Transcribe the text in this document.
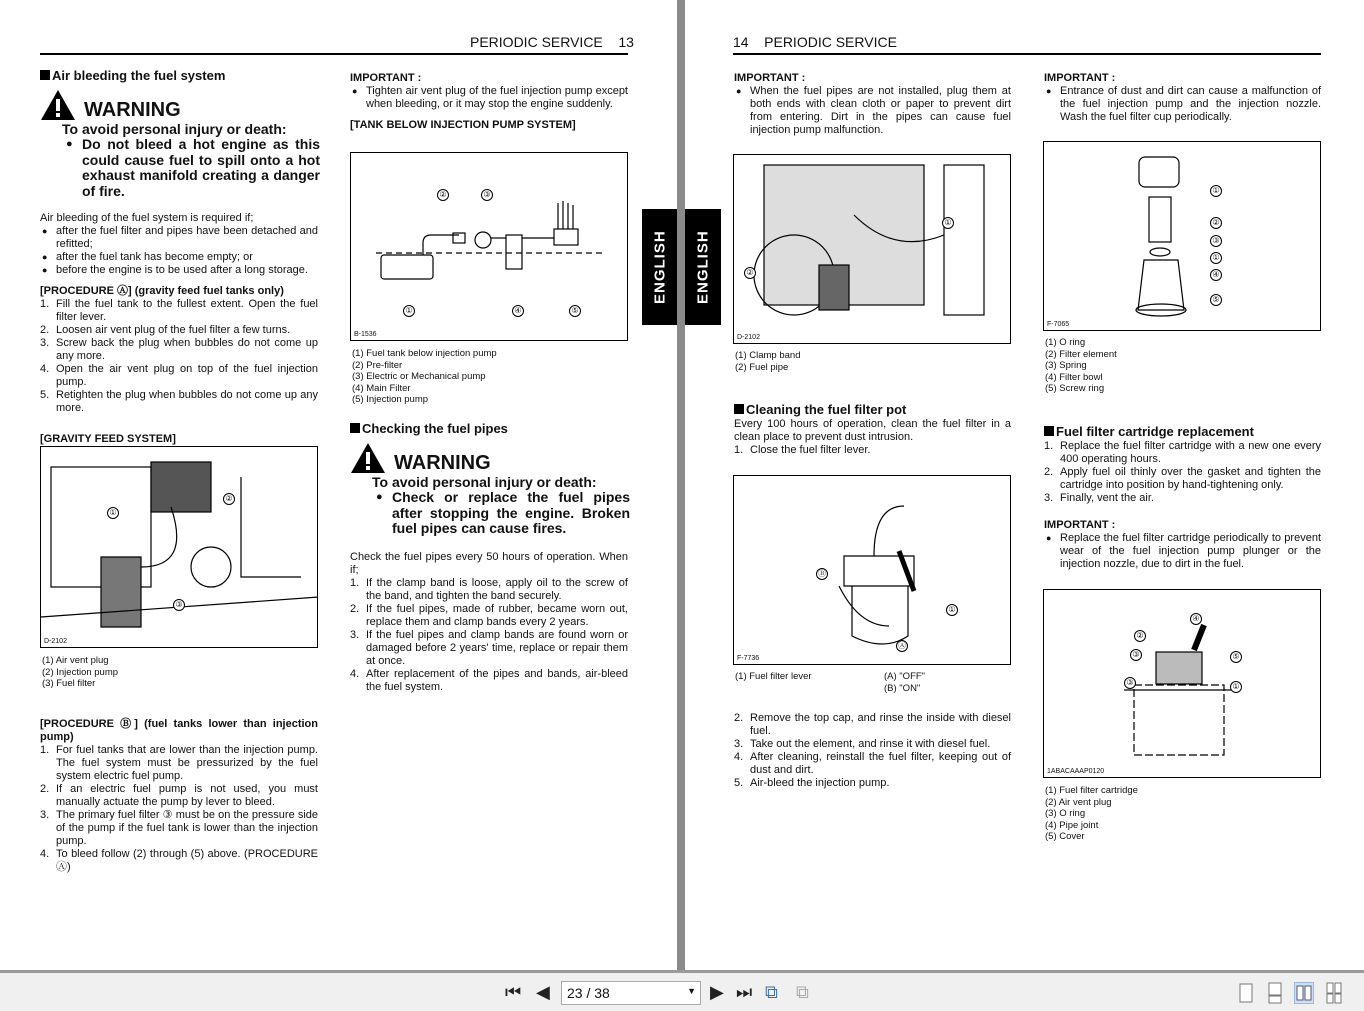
PERIODIC SERVICE 13
Air bleeding the fuel system
WARNING
To avoid personal injury or death:
● Do not bleed a hot engine as this could cause fuel to spill onto a hot exhaust manifold creating a danger of fire.
Air bleeding of the fuel system is required if;
● after the fuel filter and pipes have been detached and refitted;
● after the fuel tank has become empty; or
● before the engine is to be used after a long storage.
[PROCEDURE Ⓐ] (gravity feed fuel tanks only)
1. Fill the fuel tank to the fullest extent. Open the fuel filter lever.
2. Loosen air vent plug of the fuel filter a few turns.
3. Screw back the plug when bubbles do not come up any more.
4. Open the air vent plug on top of the fuel injection pump.
5. Retighten the plug when bubbles do not come up any more.
[GRAVITY FEED SYSTEM]
①
②
③
D-2102
(1) Air vent plug
(2) Injection pump
(3) Fuel filter
[PROCEDURE Ⓑ] (fuel tanks lower than injection pump)
1. For fuel tanks that are lower than the injection pump. The fuel system must be pressurized by the fuel system electric fuel pump.
2. If an electric fuel pump is not used, you must manually actuate the pump by lever to bleed.
3. The primary fuel filter ③ must be on the pressure side of the pump if the fuel tank is lower than the injection pump.
4. To bleed follow (2) through (5) above. (PROCEDURE Ⓐ)
IMPORTANT :
● Tighten air vent plug of the fuel injection pump except when bleeding, or it may stop the engine suddenly.
[TANK BELOW INJECTION PUMP SYSTEM]
②	③
①	④	⑤
B-1536
(1) Fuel tank below injection pump
(2) Pre-filter
(3) Electric or Mechanical pump
(4) Main Filter
(5) Injection pump
Checking the fuel pipes
WARNING
To avoid personal injury or death:
● Check or replace the fuel pipes after stopping the engine. Broken fuel pipes can cause fires.
Check the fuel pipes every 50 hours of operation. When if;
1. If the clamp band is loose, apply oil to the screw of the band, and tighten the band securely.
2. If the fuel pipes, made of rubber, became worn out, replace them and clamp bands every 2 years.
3. If the fuel pipes and clamp bands are found worn or damaged before 2 years' time, replace or repair them at once.
4. After replacement of the pipes and bands, air-bleed the fuel system.
ENGLISH	ENGLISH
14 PERIODIC SERVICE
IMPORTANT :
● When the fuel pipes are not installed, plug them at both ends with clean cloth or paper to prevent dirt from entering. Dirt in the pipes can cause fuel injection pump malfunction.
①
②
D-2102
(1) Clamp band
(2) Fuel pipe
Cleaning the fuel filter pot
Every 100 hours of operation, clean the fuel filter in a clean place to prevent dust intrusion.
1. Close the fuel filter lever.
Ⓑ
①
Ⓐ
F-7736
(1) Fuel filter lever	(A) "OFF"
(B) "ON"
2. Remove the top cap, and rinse the inside with diesel fuel.
3. Take out the element, and rinse it with diesel fuel.
4. After cleaning, reinstall the fuel filter, keeping out of dust and dirt.
5. Air-bleed the injection pump.
IMPORTANT :
● Entrance of dust and dirt can cause a malfunction of the fuel injection pump and the injection nozzle. Wash the fuel filter cup periodically.
①
②
③
①
④
⑤
F-7065
(1) O ring
(2) Filter element
(3) Spring
(4) Filter bowl
(5) Screw ring
Fuel filter cartridge replacement
1. Replace the fuel filter cartridge with a new one every 400 operating hours.
2. Apply fuel oil thinly over the gasket and tighten the cartridge into position by hand-tightening only.
3. Finally, vent the air.
IMPORTANT :
● Replace the fuel filter cartridge periodically to prevent wear of the fuel injection pump plunger or the injection nozzle, due to dirt in the fuel.
②
③
③
④
⑤
①
1ABACAAAP0120
(1) Fuel filter cartridge
(2) Air vent plug
(3) O ring
(4) Pipe joint
(5) Cover
⏮ ◀	23 / 38	▼ ▶ ⏭ ⧉ ⧉
